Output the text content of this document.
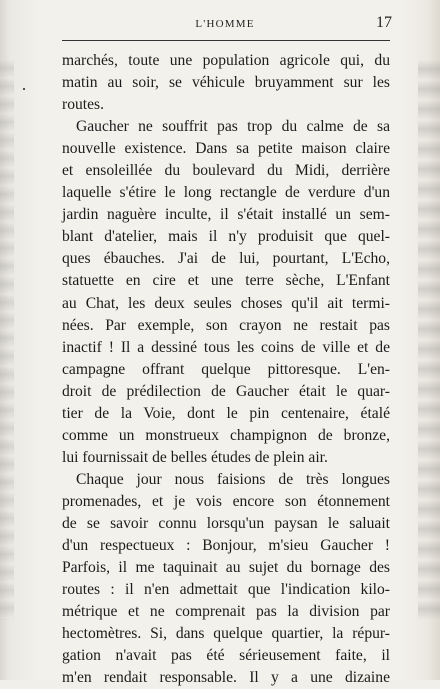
L'HOMME	17
marchés, toute une population agricole qui, du
matin au soir, se véhicule bruyamment sur les
routes.
Gaucher ne souffrit pas trop du calme de sa
nouvelle existence. Dans sa petite maison claire
et ensoleillée du boulevard du Midi, derrière
laquelle s'étire le long rectangle de verdure d'un
jardin naguère inculte, il s'était installé un sem-
blant d'atelier, mais il n'y produisit que quel-
ques ébauches. J'ai de lui, pourtant, L'Echo,
statuette en cire et une terre sèche, L'Enfant
au Chat, les deux seules choses qu'il ait termi-
nées. Par exemple, son crayon ne restait pas
inactif ! Il a dessiné tous les coins de ville et de
campagne offrant quelque pittoresque. L'en-
droit de prédilection de Gaucher était le quar-
tier de la Voie, dont le pin centenaire, étalé
comme un monstrueux champignon de bronze,
lui fournissait de belles études de plein air.
Chaque jour nous faisions de très longues
promenades, et je vois encore son étonnement
de se savoir connu lorsqu'un paysan le saluait
d'un respectueux : Bonjour, m'sieu Gaucher !
Parfois, il me taquinait au sujet du bornage des
routes : il n'en admettait que l'indication kilo-
métrique et ne comprenait pas la division par
hectomètres. Si, dans quelque quartier, la répur-
gation n'avait pas été sérieusement faite, il
m'en rendait responsable. Il y a une dizaine
